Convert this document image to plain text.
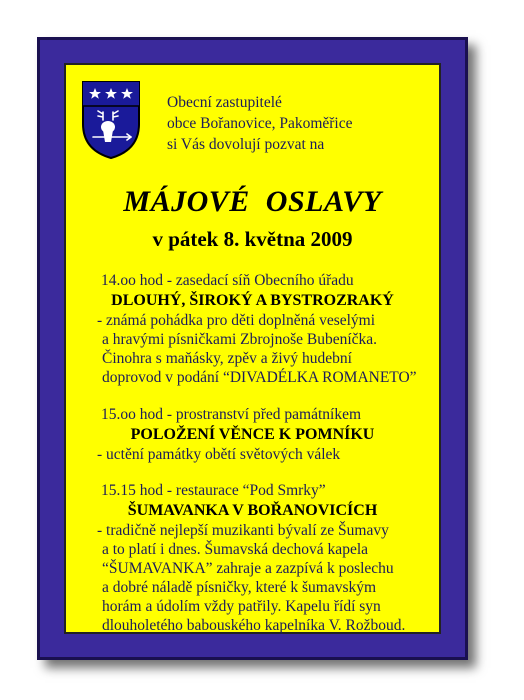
Obecní zastupitelé
obce Bořanovice, Pakoměřice
si Vás dovolují pozvat na
MÁJOVÉ  OSLAVY
v pátek 8. května 2009
14.oo hod - zasedací síň Obecního úřadu
DLOUHÝ, ŠIROKÝ A BYSTROZRAKÝ
- známá pohádka pro děti doplněná veselými
a hravými písničkami Zbrojnoše Bubeníčka.
Činohra s maňásky, zpěv a živý hudební
doprovod v podání “DIVADÉLKA ROMANETO”
15.oo hod - prostranství před památníkem
POLOŽENÍ VĚNCE K POMNÍKU
- uctění památky obětí světových válek
15.15 hod - restaurace “Pod Smrky”
ŠUMAVANKA V BOŘANOVICÍCH
- tradičně nejlepší muzikanti bývalí ze Šumavy
a to platí i dnes. Šumavská dechová kapela
“ŠUMAVANKA” zahraje a zazpívá k poslechu
a dobré náladě písničky, které k šumavským
horám a údolím vždy patřily. Kapelu řídí syn
dlouholetého babouského kapelníka V. Rožboud.
